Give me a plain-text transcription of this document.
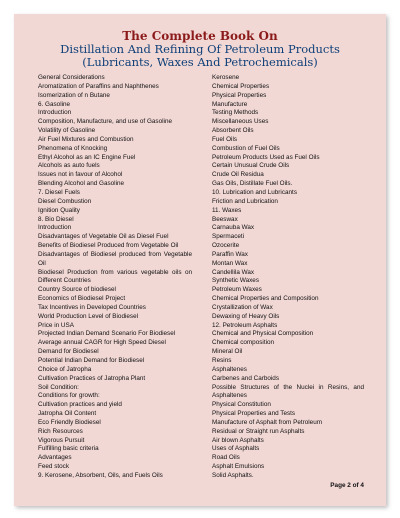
The Complete Book On
Distillation And Refining Of Petroleum Products
(Lubricants, Waxes And Petrochemicals)
General Considerations
Aromatization of Paraffins and Naphthenes
Isomerization of n Butane
6. Gasoline
Introduction
Composition, Manufacture, and use of Gasoline
Volatility of Gasoline
Air Fuel Mixtures and Combustion
Phenomena of Knocking
Ethyl Alcohol as an IC Engine Fuel
Alcohols as auto fuels
Issues not in favour of Alcohol
Blending Alcohol and Gasoline
7. Diesel Fuels
Diesel Combustion
Ignition Quality
8. Bio Diesel
Introduction
Disadvantages of Vegetable Oil as Diesel Fuel
Benefits of Biodiesel Produced from Vegetable Oil
Disadvantages of Biodiesel produced from Vegetable Oil
Biodiesel Production from various vegetable oils on Different Countries
Country Source of biodiesel
Economics of Biodiesel Project
Tax Incentives in Developed Countries
World Production Level of Biodiesel
Price in USA
Projected Indian Demand Scenario For Biodiesel
Average annual CAGR for High Speed Diesel
Demand for Biodiesel
Potential Indian Demand for Biodiesel
Choice of Jatropha
Cultivation Practices of Jatropha Plant
Soil Condition:
Conditions for growth:
Cultivation practices and yield
Jatropha Oil Content
Eco Friendly Biodiesel
Rich Resources
Vigorous Pursuit
Fulfilling basic criteria
Advantages
Feed stock
9. Kerosene, Absorbent, Oils, and Fuels Oils
Kerosene
Chemical Properties
Physical Properties
Manufacture
Testing Methods
Miscellaneous Uses
Absorbent Oils
Fuel Oils
Combustion of Fuel Oils
Petroleum Products Used as Fuel Oils
Certain Unusual Crude Oils
Crude Oil Residua
Gas Oils, Distillate Fuel Oils.
10. Lubrication and Lubricants
Friction and Lubrication
11. Waxes
Beeswax
Carnauba Wax
Spermaceti
Ozocerite
Paraffin Wax
Montan Wax
Candellila Wax
Synthetic Waxes
Petroleum Waxes
Chemical Properties and Composition
Crystallization of Wax
Dewaxing of Heavy Oils
12. Petroleum Asphalts
Chemical and Physical Composition
Chemical composition
Mineral Oil
Resins
Asphaltenes
Carbenes and Carboids
Possible Structures of the Nuclei in Resins, and Asphaltenes
Physical Constitution
Physical Properties and Tests
Manufacture of Asphalt from Petroleum
Residual or Straight run Asphalts
Air blown Asphalts
Uses of Asphalts
Road Oils
Asphalt Emulsions
Solid Asphalts.
Page 2 of 4
